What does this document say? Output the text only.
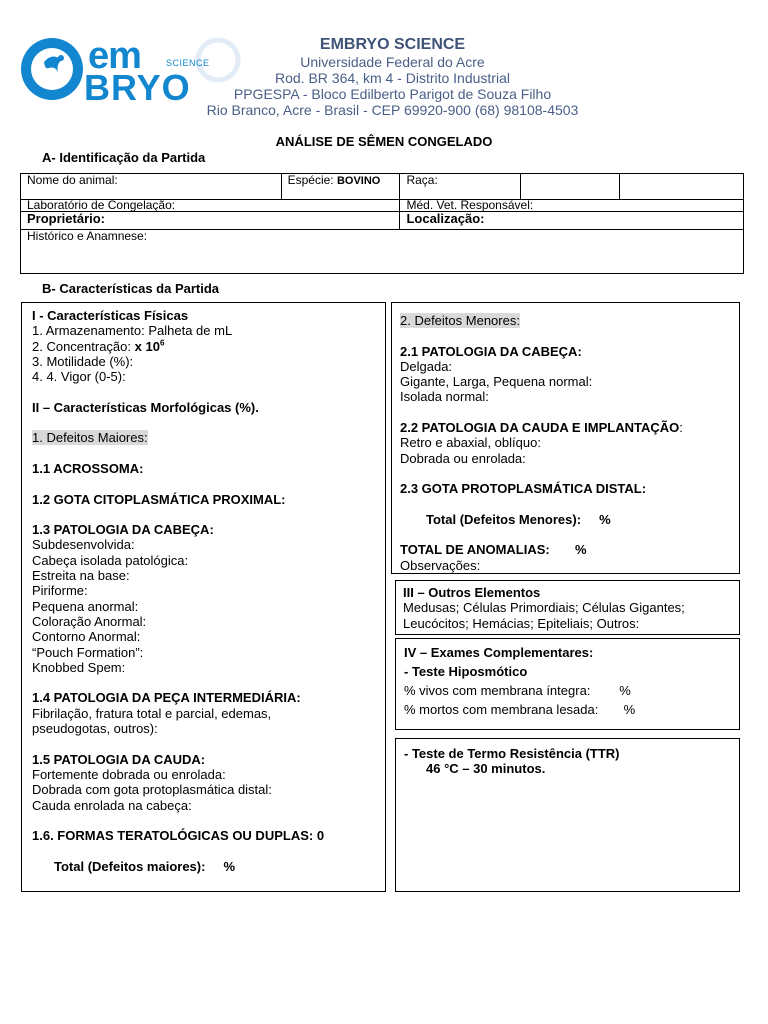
em	SCIENCE
BRYO
EMBRYO SCIENCE
Universidade Federal do Acre
Rod. BR 364, km 4 - Distrito Industrial
PPGESPA - Bloco Edilberto Parigot de Souza Filho
Rio Branco, Acre - Brasil - CEP 69920-900 (68) 98108-4503
ANÁLISE DE SÊMEN CONGELADO
A- Identificação da Partida
Nome do animal:	Espécie: BOVINO	Raça:		
Laboratório de Congelação:		Méd. Vet. Responsável:		
Proprietário:		Localização:		
Histórico e Anamnese:				
B- Características da Partida
I - Características Físicas
1. Armazenamento: Palheta de mL
2. Concentração: x $10^6$
3. Motilidade (%):
4. 4. Vigor (0-5):
II – Características Morfológicas (%).
1. Defeitos Maiores:
1.1 ACROSSOMA:
1.2 GOTA CITOPLASMÁTICA PROXIMAL:
1.3 PATOLOGIA DA CABEÇA:
Subdesenvolvida:
Cabeça isolada patológica:
Estreita na base:
Piriforme:
Pequena anormal:
Coloração Anormal:
Contorno Anormal:
“Pouch Formation”:
Knobbed Spem:
1.4 PATOLOGIA DA PEÇA INTERMEDIÁRIA:
Fibrilação, fratura total e parcial, edemas,
pseudogotas, outros):
1.5 PATOLOGIA DA CAUDA:
Fortemente dobrada ou enrolada:
Dobrada com gota protoplasmática distal:
Cauda enrolada na cabeça:
1.6. FORMAS TERATOLÓGICAS OU DUPLAS: 0
Total (Defeitos maiores):     %
2. Defeitos Menores:
2.1 PATOLOGIA DA CABEÇA:
Delgada:
Gigante, Larga, Pequena normal:
Isolada normal:
2.2 PATOLOGIA DA CAUDA E IMPLANTAÇÃO:
Retro e abaxial, oblíquo:
Dobrada ou enrolada:
2.3 GOTA PROTOPLASMÁTICA DISTAL:
Total (Defeitos Menores):     %
TOTAL DE ANOMALIAS:       %
Observações:
III – Outros Elementos
Medusas; Células Primordiais; Células Gigantes;
Leucócitos; Hemácias; Epiteliais; Outros:
IV – Exames Complementares:
- Teste Hiposmótico
% vivos com membrana íntegra:        %
% mortos com membrana lesada:       %
- Teste de Termo Resistência (TTR)
46 °C – 30 minutos.
